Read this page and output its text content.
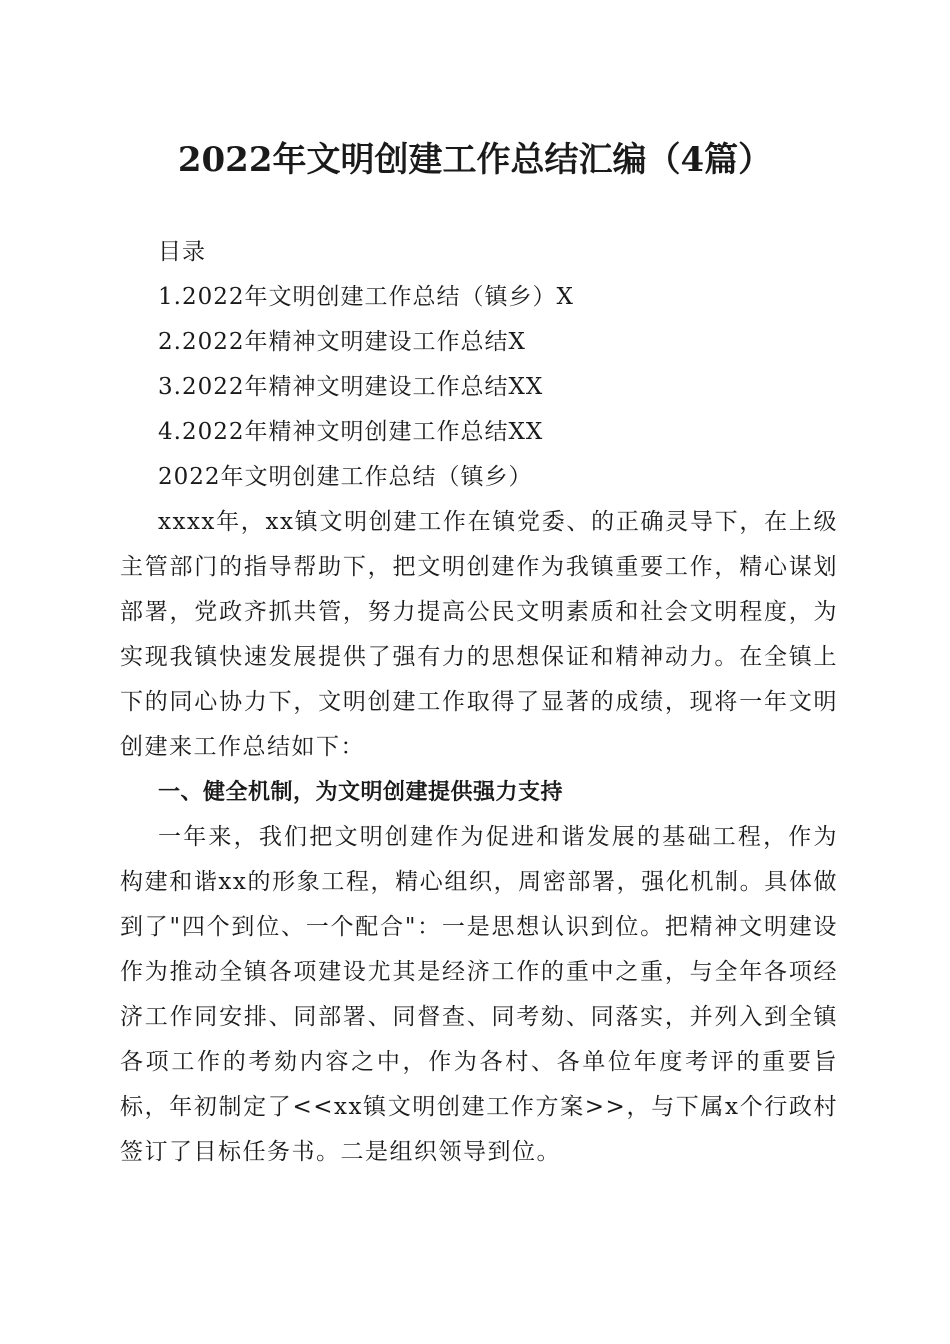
2022年文明创建工作总结汇编（4篇）
目录
1.2022年文明创建工作总结（镇乡）X
2.2022年精神文明建设工作总结X
3.2022年精神文明建设工作总结XX
4.2022年精神文明创建工作总结XX
2022年文明创建工作总结（镇乡）

xxxx年，xx镇文明创建工作在镇党委、的正确灵导下，在上级主管部门的指导帮助下，把文明创建作为我镇重要工作，精心谋划部署，党政齐抓共管，努力提高公民文明素质和社会文明程度，为实现我镇快速发展提供了强有力的思想保证和精神动力。在全镇上下的同心协力下，文明创建工作取得了显著的成绩，现将一年文明创建来工作总结如下：

一、健全机制，为文明创建提供强力支持

一年来，我们把文明创建作为促进和谐发展的基础工程，作为构建和谐xx的形象工程，精心组织，周密部署，强化机制。具体做到了"四个到位、一个配合"：一是思想认识到位。把精神文明建设作为推动全镇各项建设尤其是经济工作的重中之重，与全年各项经济工作同安排、同部署、同督查、同考劾、同落实，并列入到全镇各项工作的考劾内容之中，作为各村、各单位年度考评的重要旨标，年初制定了<<xx镇文明创建工作方案>>，与下属x个行政村签订了目标任务书。二是组织领导到位。
